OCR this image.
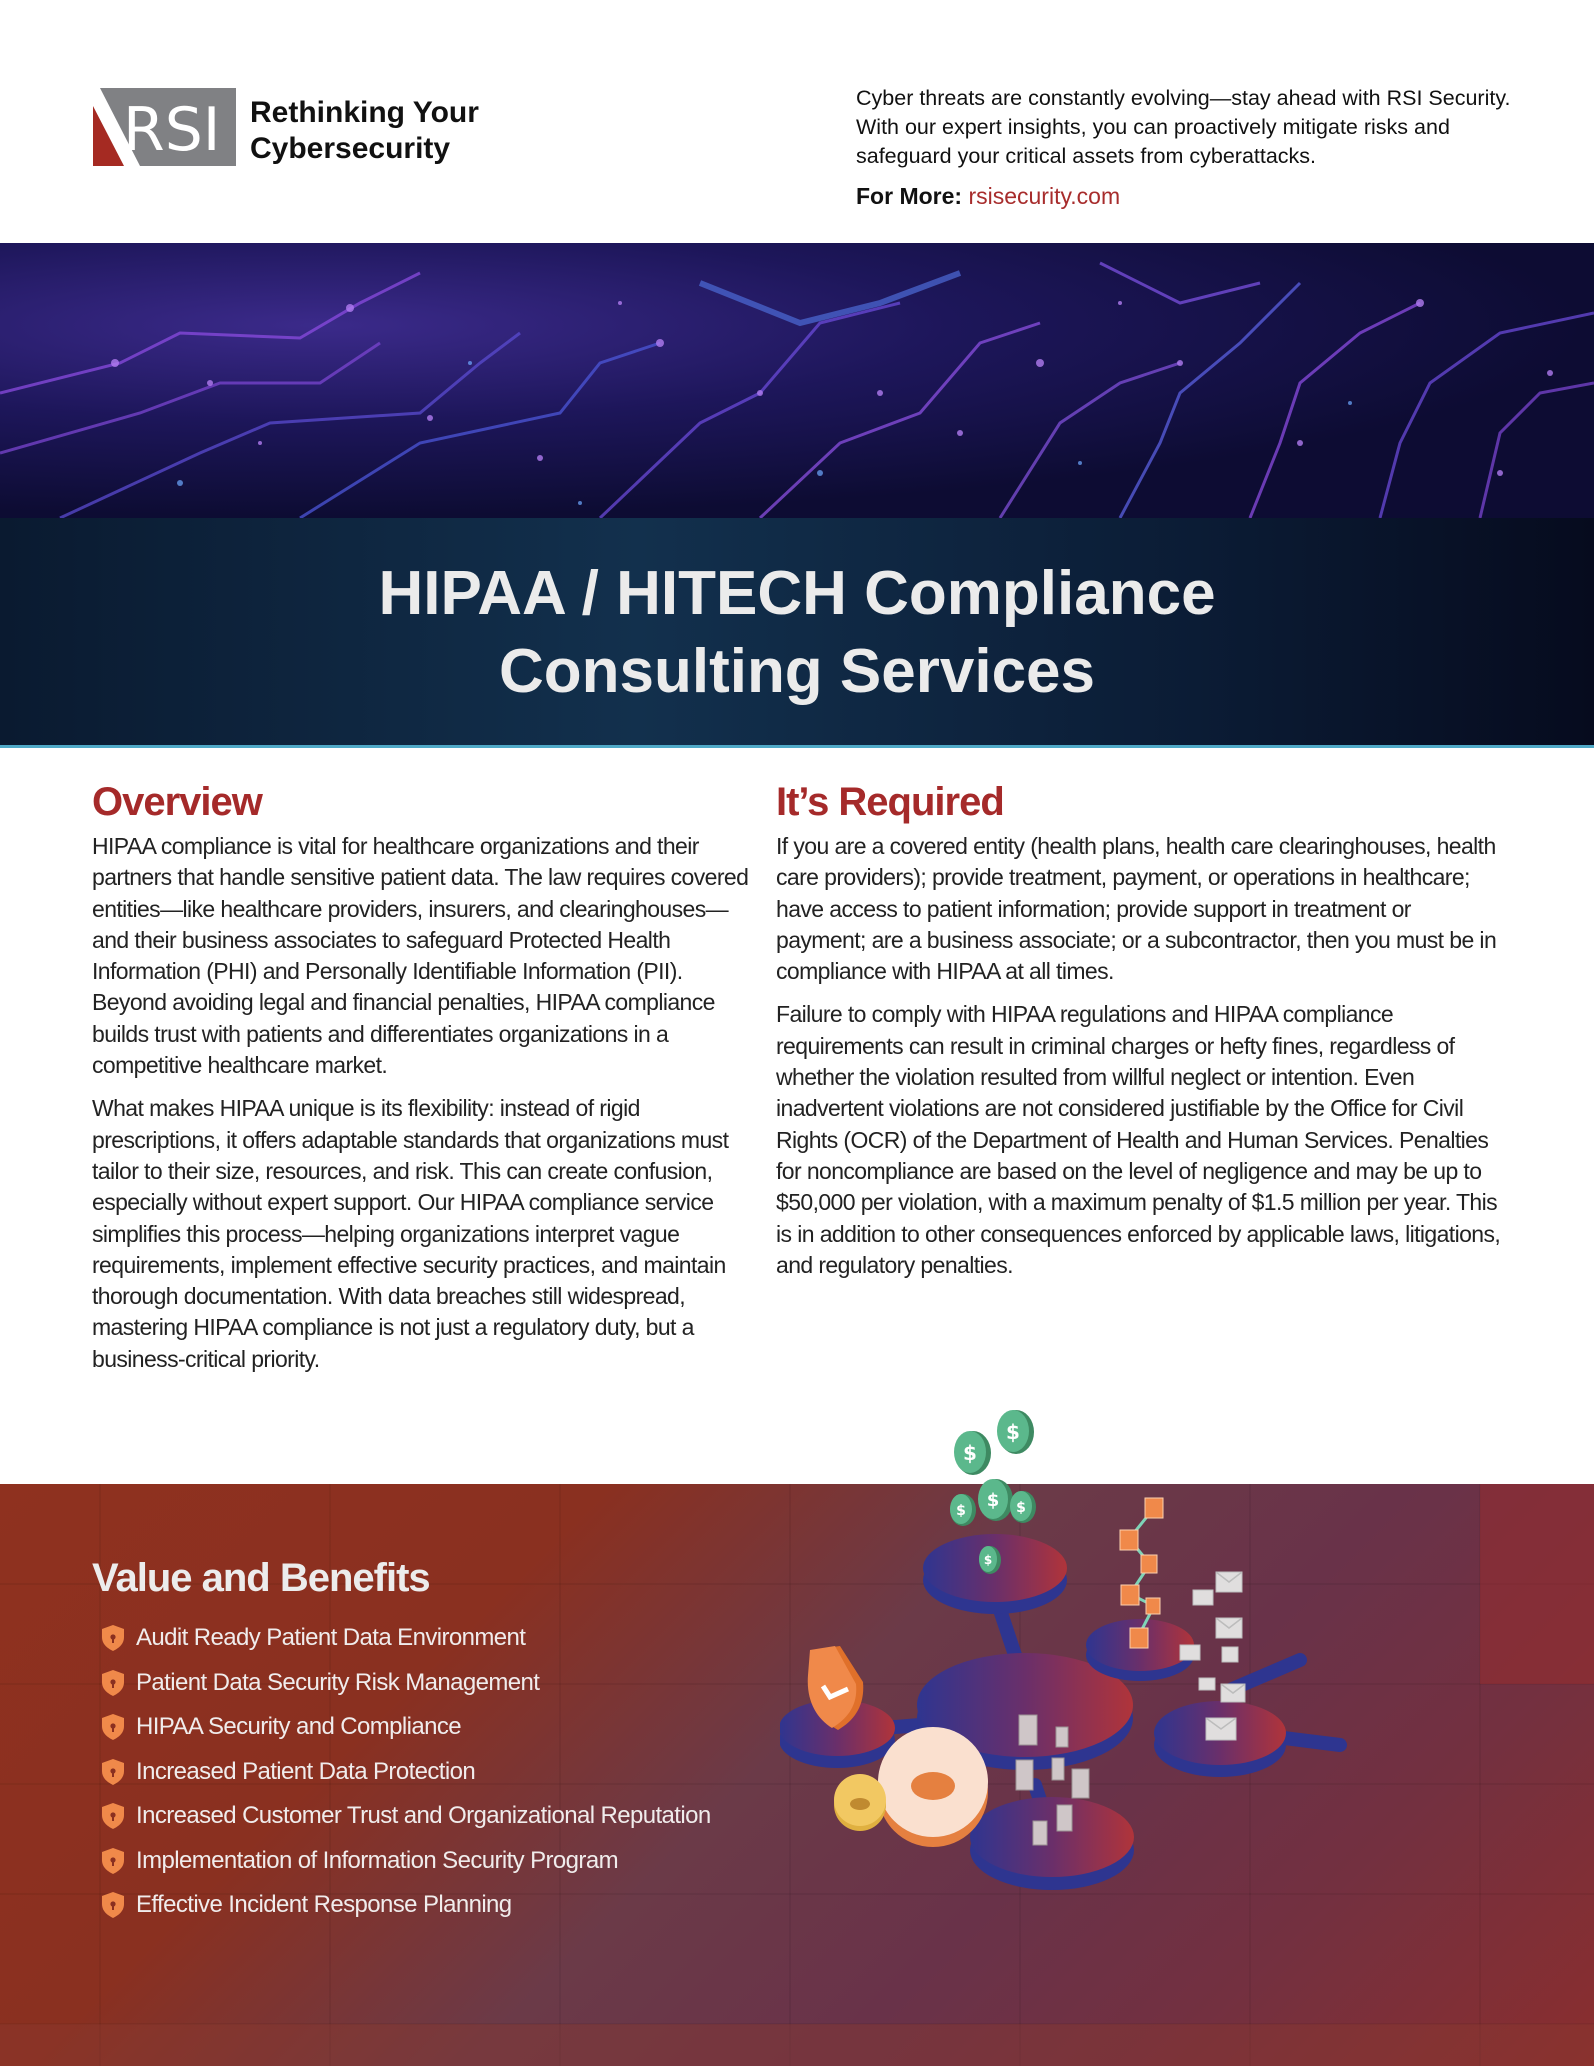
RSI Rethinking Your
Cybersecurity

Cyber threats are constantly evolving—stay ahead with RSI Security. With our expert insights, you can proactively mitigate risks and safeguard your critical assets from cyberattacks.

For More: rsisecurity.com
HIPAA / HITECH Compliance
Consulting Services
Overview

HIPAA compliance is vital for healthcare organizations and their partners that handle sensitive patient data. The law requires covered entities—like healthcare providers, insurers, and clearinghouses—and their business associates to safeguard Protected Health Information (PHI) and Personally Identifiable Information (PII). Beyond avoiding legal and financial penalties, HIPAA compliance builds trust with patients and differentiates organizations in a competitive healthcare market.

What makes HIPAA unique is its flexibility: instead of rigid prescriptions, it offers adaptable standards that organizations must tailor to their size, resources, and risk. This can create confusion, especially without expert support. Our HIPAA compliance service simplifies this process—helping organizations interpret vague requirements, implement effective security practices, and maintain thorough documentation. With data breaches still widespread, mastering HIPAA compliance is not just a regulatory duty, but a business-critical priority.

It’s Required

If you are a covered entity (health plans, health care clearinghouses, health care providers); provide treatment, payment, or operations in healthcare; have access to patient information; provide support in treatment or payment; are a business associate; or a subcontractor, then you must be in compliance with HIPAA at all times.

Failure to comply with HIPAA regulations and HIPAA compliance requirements can result in criminal charges or hefty fines, regardless of whether the violation resulted from willful neglect or intention. Even inadvertent violations are not considered justifiable by the Office for Civil Rights (OCR) of the Department of Health and Human Services. Penalties for noncompliance are based on the level of negligence and may be up to $50,000 per violation, with a maximum penalty of $1.5 million per year. This is in addition to other consequences enforced by applicable laws, litigations, and regulatory penalties.

Value and Benefits
Audit Ready Patient Data Environment
Patient Data Security Risk Management
HIPAA Security and Compliance
Increased Patient Data Protection
Increased Customer Trust and Organizational Reputation
Implementation of Information Security Program
Effective Incident Response Planning
$
$
$ $ $
$
